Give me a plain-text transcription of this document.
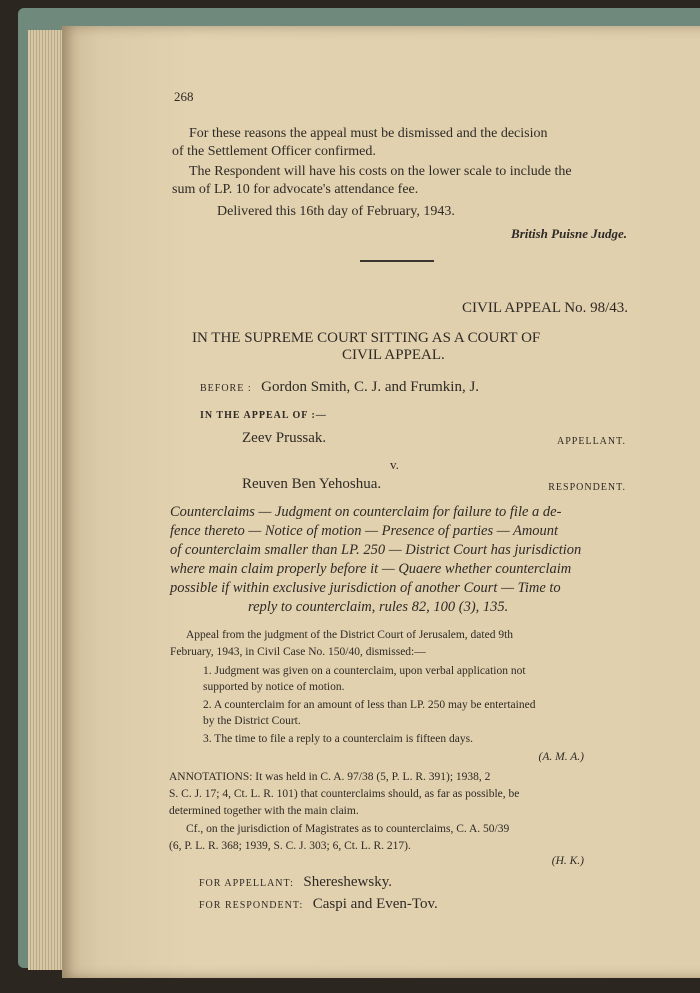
268

For these reasons the appeal must be dismissed and the decision

of the Settlement Officer confirmed.

The Respondent will have his costs on the lower scale to include the

sum of LP. 10 for advocate's attendance fee.

Delivered this 16th day of February, 1943.

British Puisne Judge.

CIVIL APPEAL No. 98/43.

IN THE SUPREME COURT SITTING AS A COURT OF

CIVIL APPEAL.

BEFORE : Gordon Smith, C. J. and Frumkin, J.

IN THE APPEAL OF :—

Zeev Prussak.	APPELLANT.

v.

Reuven Ben Yehoshua.	RESPONDENT.

Counterclaims — Judgment on counterclaim for failure to file a de-

fence thereto — Notice of motion — Presence of parties — Amount

of counterclaim smaller than LP. 250 — District Court has jurisdiction

where main claim properly before it — Quaere whether counterclaim

possible if within exclusive jurisdiction of another Court — Time to

reply to counterclaim, rules 82, 100 (3), 135.

Appeal from the judgment of the District Court of Jerusalem, dated 9th

February, 1943, in Civil Case No. 150/40, dismissed:—

1. Judgment was given on a counterclaim, upon verbal application not

supported by notice of motion.

2. A counterclaim for an amount of less than LP. 250 may be entertained

by the District Court.

3. The time to file a reply to a counterclaim is fifteen days.

(A. M. A.)

ANNOTATIONS: It was held in C. A. 97/38 (5, P. L. R. 391); 1938, 2

S. C. J. 17; 4, Ct. L. R. 101) that counterclaims should, as far as possible, be

determined together with the main claim.

Cf., on the jurisdiction of Magistrates as to counterclaims, C. A. 50/39

(6, P. L. R. 368; 1939, S. C. J. 303; 6, Ct. L. R. 217).

(H. K.)

FOR APPELLANT: Shereshewsky.

FOR RESPONDENT: Caspi and Even-Tov.
